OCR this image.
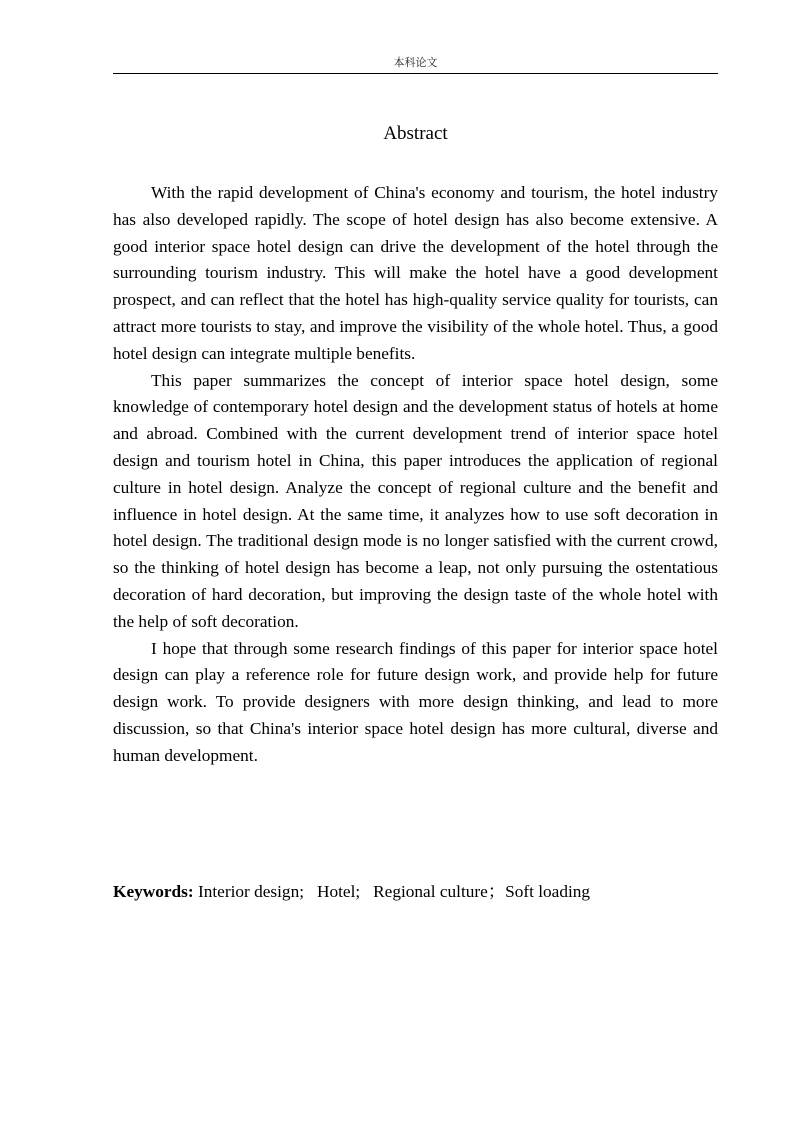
本科论文
Abstract

With the rapid development of China's economy and tourism, the hotel industry has also developed rapidly. The scope of hotel design has also become extensive. A good interior space hotel design can drive the development of the hotel through the surrounding tourism industry. This will make the hotel have a good development prospect, and can reflect that the hotel has high-quality service quality for tourists, can attract more tourists to stay, and improve the visibility of the whole hotel. Thus, a good hotel design can integrate multiple benefits.

This paper summarizes the concept of interior space hotel design, some knowledge of contemporary hotel design and the development status of hotels at home and abroad. Combined with the current development trend of interior space hotel design and tourism hotel in China, this paper introduces the application of regional culture in hotel design. Analyze the concept of regional culture and the benefit and influence in hotel design. At the same time, it analyzes how to use soft decoration in hotel design. The traditional design mode is no longer satisfied with the current crowd, so the thinking of hotel design has become a leap, not only pursuing the ostentatious decoration of hard decoration, but improving the design taste of the whole hotel with the help of soft decoration.

I hope that through some research findings of this paper for interior space hotel design can play a reference role for future design work, and provide help for future design work. To provide designers with more design thinking, and lead to more discussion, so that China's interior space hotel design has more cultural, diverse and human development.

Keywords: Interior design;   Hotel;   Regional culture；Soft loading
